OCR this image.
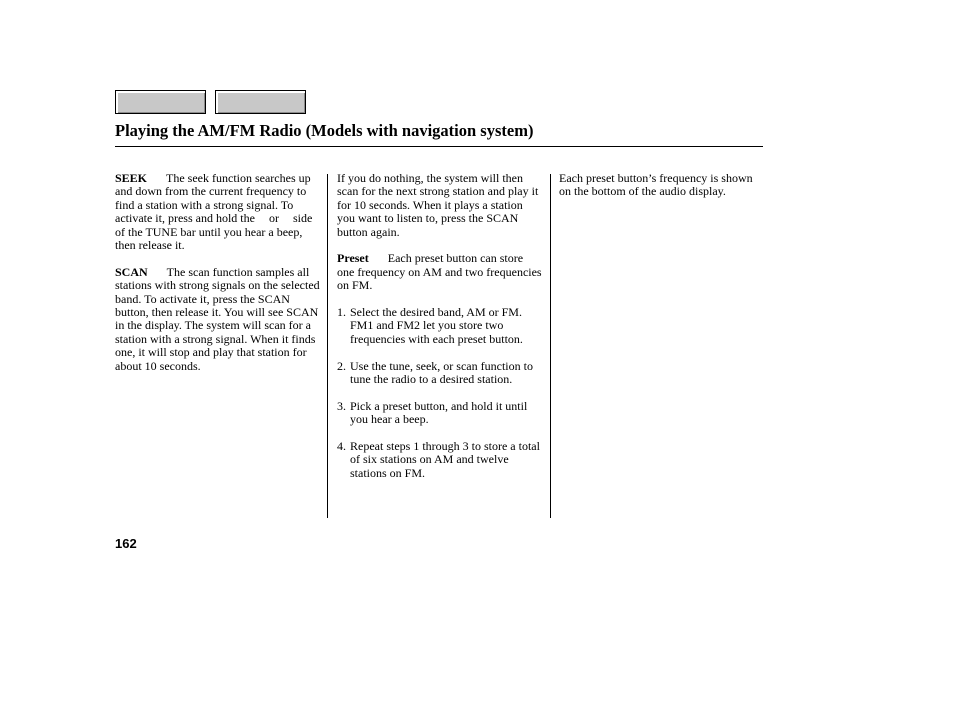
Playing the AM/FM Radio (Models with navigation system)

SEEK The seek function searches up and down from the current frequency to find a station with a strong signal. To activate it, press and hold the or side of the TUNE bar until you hear a beep, then release it.

SCAN The scan function samples all stations with strong signals on the selected band. To activate it, press the SCAN button, then release it. You will see SCAN in the display. The system will scan for a station with a strong signal. When it finds one, it will stop and play that station for about 10 seconds.

If you do nothing, the system will then scan for the next strong station and play it for 10 seconds. When it plays a station you want to listen to, press the SCAN button again.

Preset Each preset button can store one frequency on AM and two frequencies on FM.

1. Select the desired band, AM or FM. FM1 and FM2 let you store two frequencies with each preset button.
2. Use the tune, seek, or scan function to tune the radio to a desired station.
3. Pick a preset button, and hold it until you hear a beep.
4. Repeat steps 1 through 3 to store a total of six stations on AM and twelve stations on FM.

Each preset button’s frequency is shown on the bottom of the audio display.

162
